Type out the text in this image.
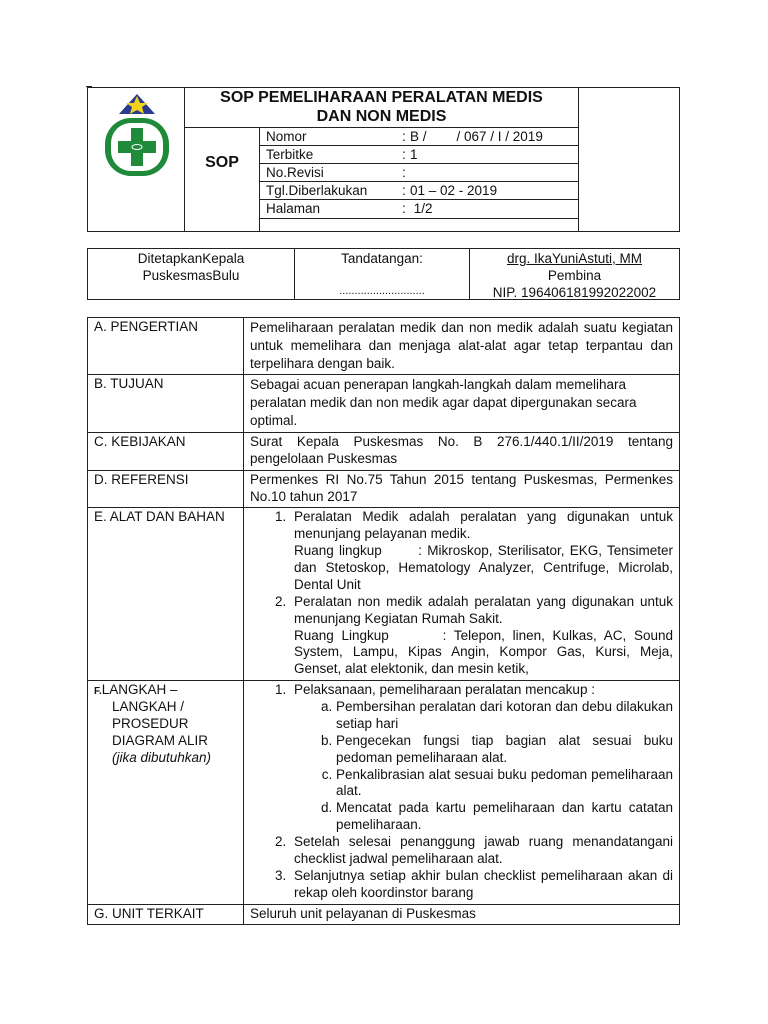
SOP PEMELIHARAAN PERALATAN MEDIS
DAN NON MEDIS
SOP
Nomor	: B /        / 067 / I / 2019
Terbitke	: 1
No.Revisi	:
Tgl.Diberlakukan	: 01 – 02 - 2019
Halaman	: 1/2
DitetapkanKepala
PuskesmasBulu
Tandatangan:
............................
drg. IkaYuniAstuti, MM
Pembina
NIP. 196406181992022002
A. PENGERTIAN	Pemeliharaan peralatan medik dan non medik adalah suatu kegiatan untuk memelihara dan menjaga alat-alat agar tetap terpantau dan terpelihara dengan baik.
B. TUJUAN	Sebagai acuan penerapan langkah-langkah dalam memelihara peralatan medik dan non medik agar dapat dipergunakan secara optimal.
C. KEBIJAKAN	Surat Kepala Puskesmas No. B 276.1/440.1/II/2019 tentang pengelolaan Puskesmas
D. REFERENSI	Permenkes RI No.75 Tahun 2015 tentang Puskesmas, Permenkes No.10 tahun 2017
E. ALAT DAN BAHAN
1.	Peralatan Medik adalah peralatan yang digunakan untuk menunjang pelayanan medik.
Ruang lingkup       : Mikroskop, Sterilisator, EKG, Tensimeter dan Stetoskop, Hematology Analyzer, Centrifuge, Microlab, Dental Unit
2. Peralatan non medik adalah peralatan yang digunakan untuk menunjang Kegiatan Rumah Sakit.
Ruang Lingkup       : Telepon, linen, Kulkas, AC, Sound System, Lampu, Kipas Angin, Kompor Gas, Kursi, Meja, Genset, alat elektonik, dan mesin ketik,
F.LANGKAH –
LANGKAH /
PROSEDUR
DIAGRAM ALIR
(jika dibutuhkan)
1. Pelaksanaan, pemeliharaan peralatan mencakup :
a. Pembersihan peralatan dari kotoran dan debu dilakukan setiap hari
b. Pengecekan fungsi tiap bagian alat sesuai buku pedoman pemeliharaan alat.
c. Penkalibrasian alat sesuai buku pedoman pemeliharaan alat.
d. Mencatat pada kartu pemeliharaan dan kartu catatan pemeliharaan.
2. Setelah selesai penanggung jawab ruang menandatangani checklist jadwal pemeliharaan alat.
3. Selanjutnya setiap akhir bulan checklist pemeliharaan akan di rekap oleh koordinstor barang
G. UNIT TERKAIT	Seluruh unit pelayanan di Puskesmas
